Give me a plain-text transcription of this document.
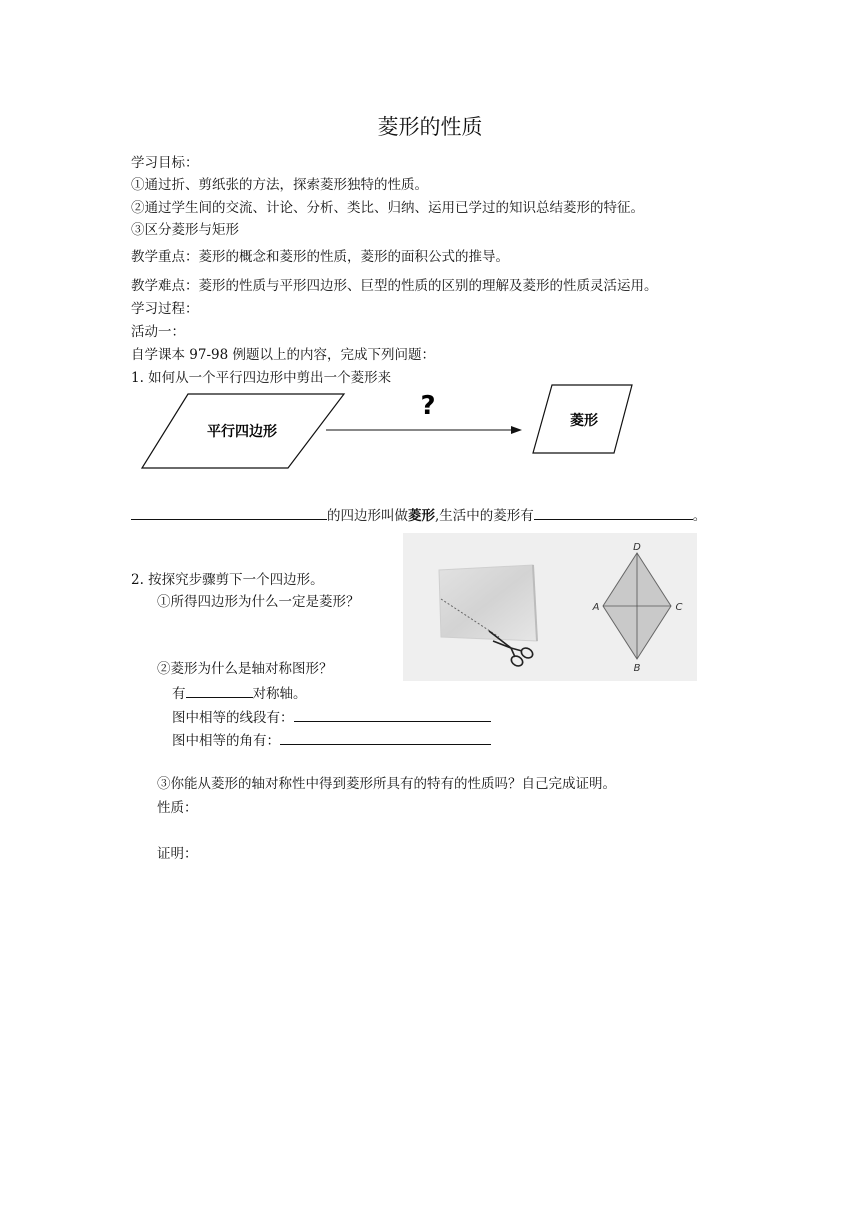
菱形的性质
学习目标：
①通过折、剪纸张的方法，探索菱形独特的性质。
②通过学生间的交流、计论、分析、类比、归纳、运用已学过的知识总结菱形的特征。
③区分菱形与矩形
教学重点：菱形的概念和菱形的性质，菱形的面积公式的推导。
教学难点：菱形的性质与平形四边形、巨型的性质的区别的理解及菱形的性质灵活运用。
学习过程：
活动一：
自学课本 97-98 例题以上的内容，完成下列问题：
1. 如何从一个平行四边形中剪出一个菱形来
平行四边形
?	菱形
的四边形叫做菱形,生活中的菱形有	。
2. 按探究步骤剪下一个四边形。
①所得四边形为什么一定是菱形？
D
A	C
B
②菱形为什么是轴对称图形？
有	对称轴。
图中相等的线段有：
图中相等的角有：
③你能从菱形的轴对称性中得到菱形所具有的特有的性质吗？自己完成证明。
性质：
证明：
